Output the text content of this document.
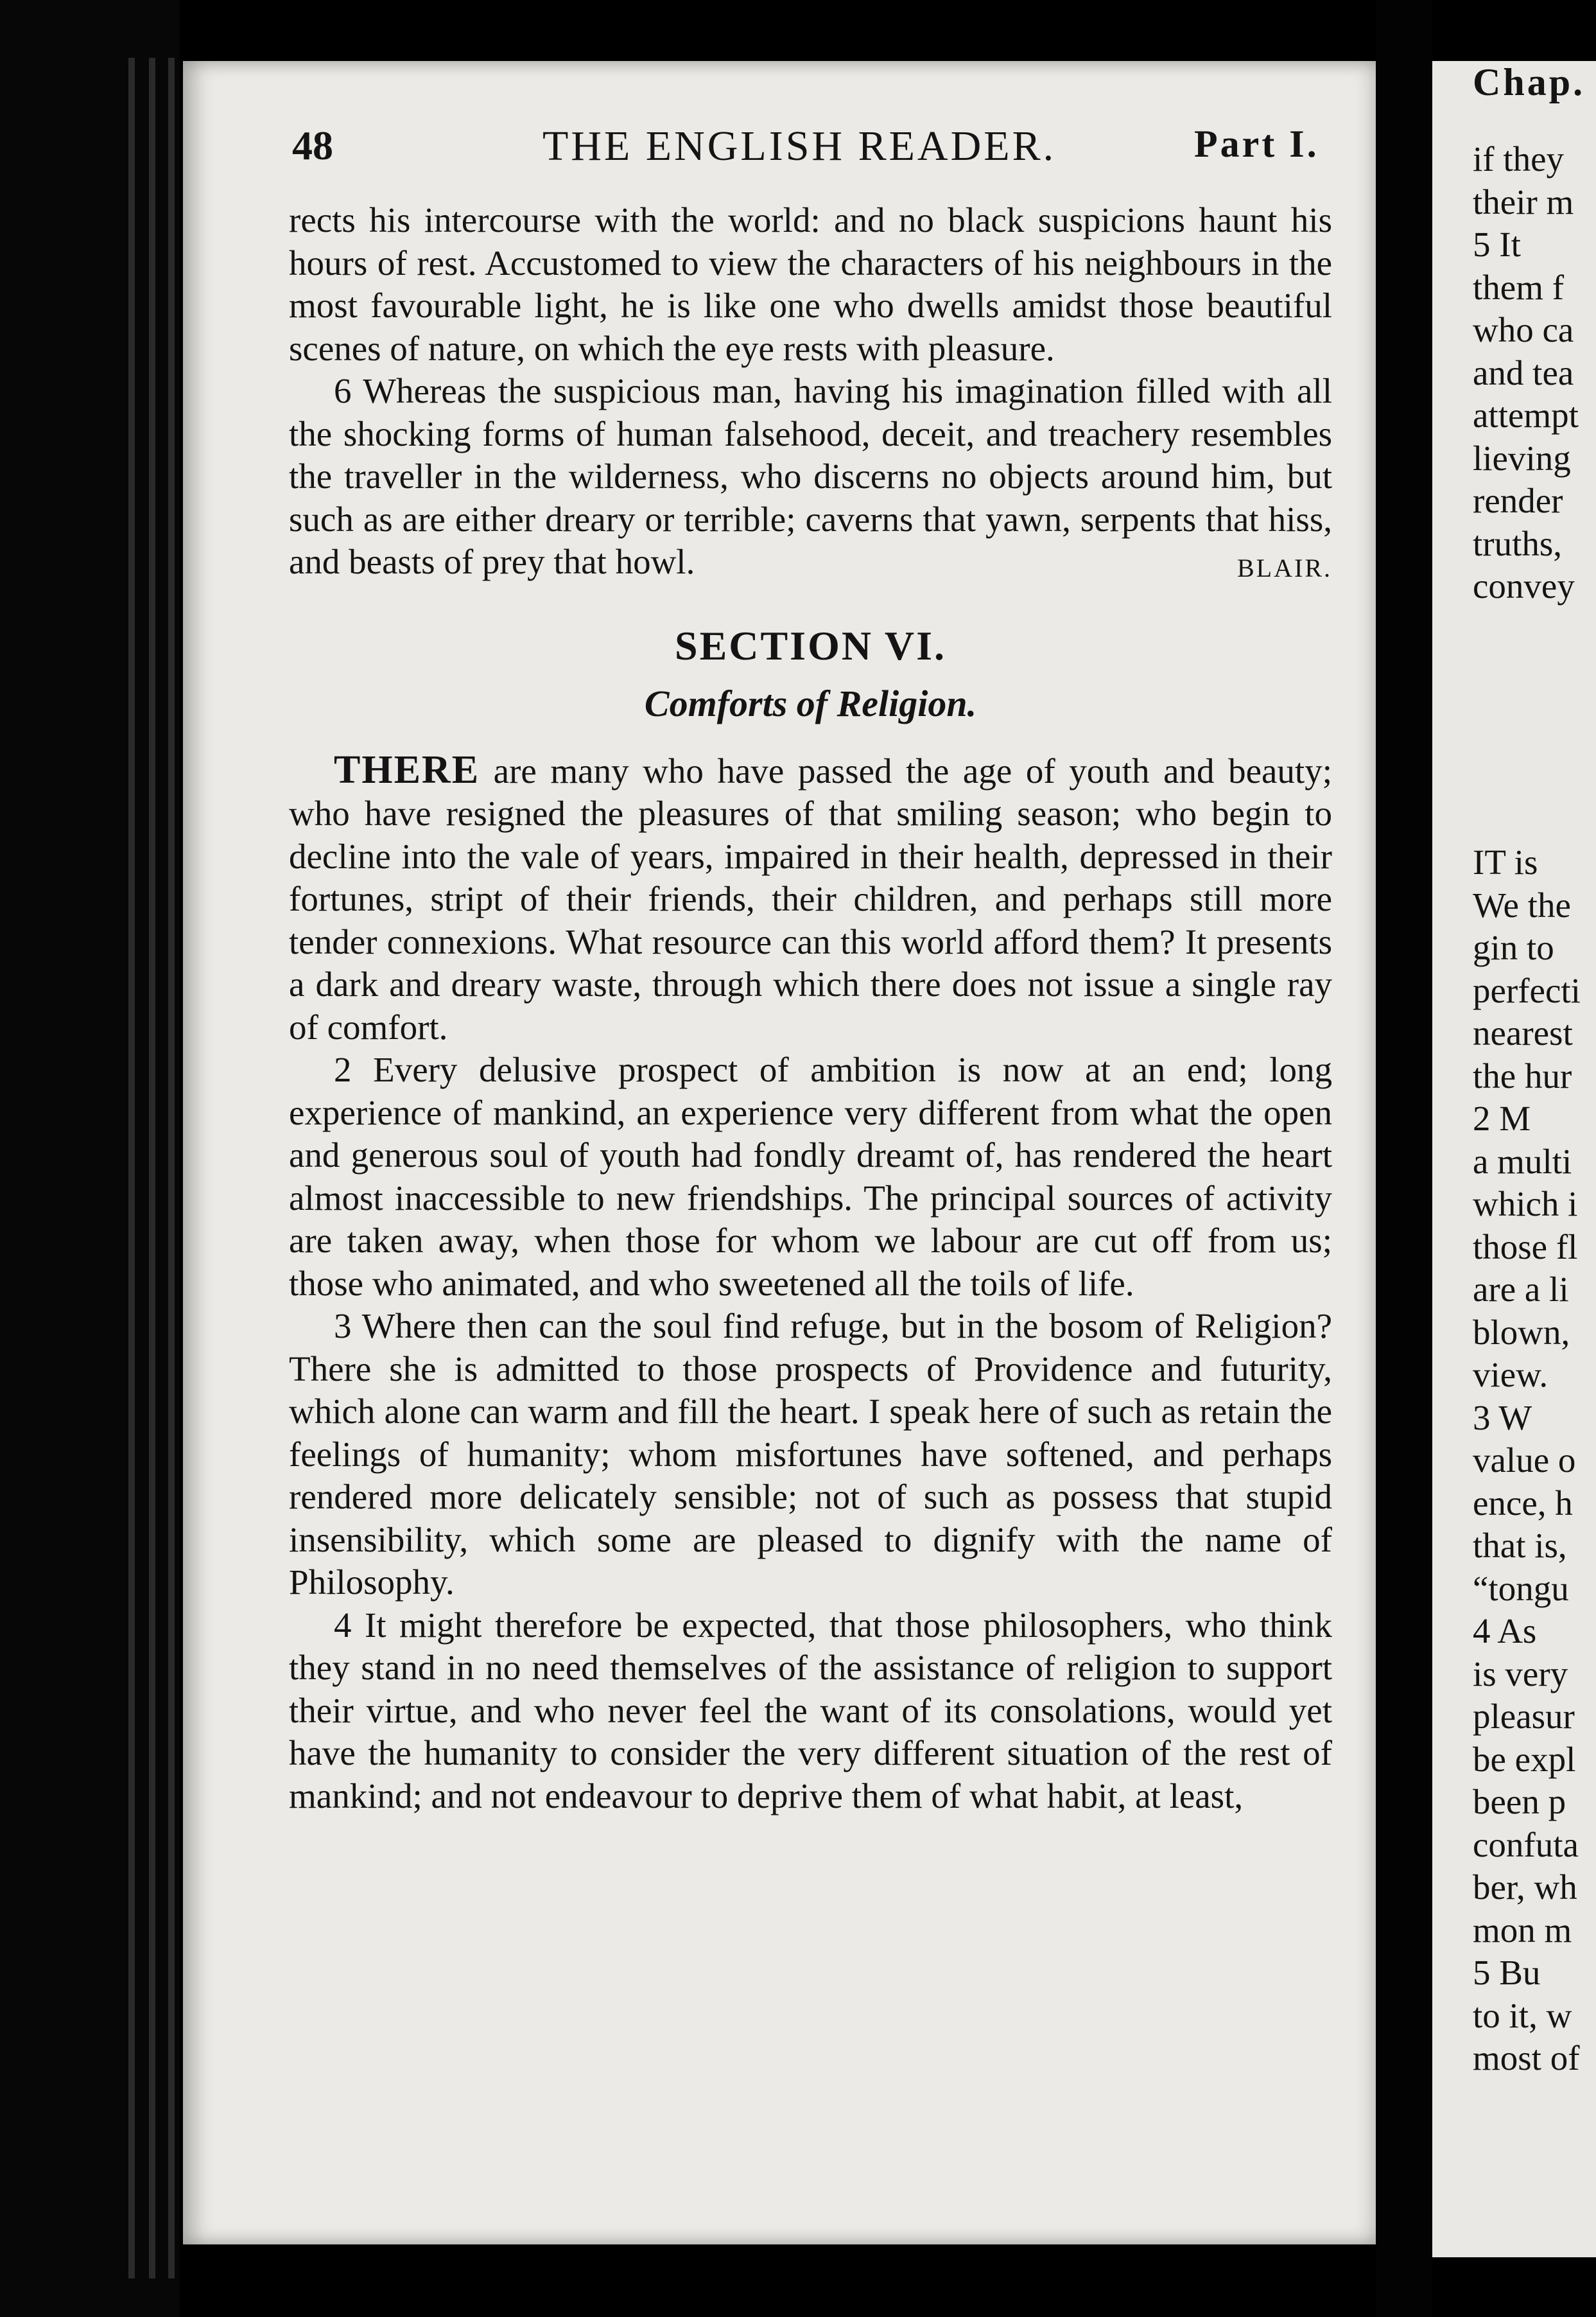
48	THE ENGLISH READER.	Part I.

rects his intercourse with the world: and no black suspicions haunt his hours of rest. Accustomed to view the characters of his neighbours in the most favourable light, he is like one who dwells amidst those beautiful scenes of nature, on which the eye rests with pleasure.

6 Whereas the suspicious man, having his imagination filled with all the shocking forms of human falsehood, deceit, and treachery resembles the traveller in the wilderness, who discerns no objects around him, but such as are either dreary or terrible; caverns that yawn, serpents that hiss, and beasts of prey that howl.	BLAIR.

SECTION VI.
Comforts of Religion.

THERE are many who have passed the age of youth and beauty; who have resigned the pleasures of that smiling season; who begin to decline into the vale of years, impaired in their health, depressed in their fortunes, stript of their friends, their children, and perhaps still more tender connexions. What resource can this world afford them? It presents a dark and dreary waste, through which there does not issue a single ray of comfort.

2 Every delusive prospect of ambition is now at an end; long experience of mankind, an experience very different from what the open and generous soul of youth had fondly dreamt of, has rendered the heart almost inaccessible to new friendships. The principal sources of activity are taken away, when those for whom we labour are cut off from us; those who animated, and who sweetened all the toils of life.

3 Where then can the soul find refuge, but in the bosom of Religion? There she is admitted to those prospects of Providence and futurity, which alone can warm and fill the heart. I speak here of such as retain the feelings of humanity; whom misfortunes have softened, and perhaps rendered more delicately sensible; not of such as possess that stupid insensibility, which some are pleased to dignify with the name of Philosophy.

4 It might therefore be expected, that those philosophers, who think they stand in no need themselves of the assistance of religion to support their virtue, and who never feel the want of its consolations, would yet have the humanity to consider the very different situation of the rest of mankind; and not endeavour to deprive them of what habit, at least,

Chap.
if they
their m
5 It
them f
who ca
and tea
attempt
lieving
render
truths,
convey
IT is
We the
gin to
perfecti
nearest
the hur
2 M
a multi
which i
those fl
are a li
blown,
view.
3 W
value o
ence, h
that is,
“tongu
4 As
is very
pleasur
be expl
been p
confuta
ber, wh
mon m
5 Bu
to it, w
most of
